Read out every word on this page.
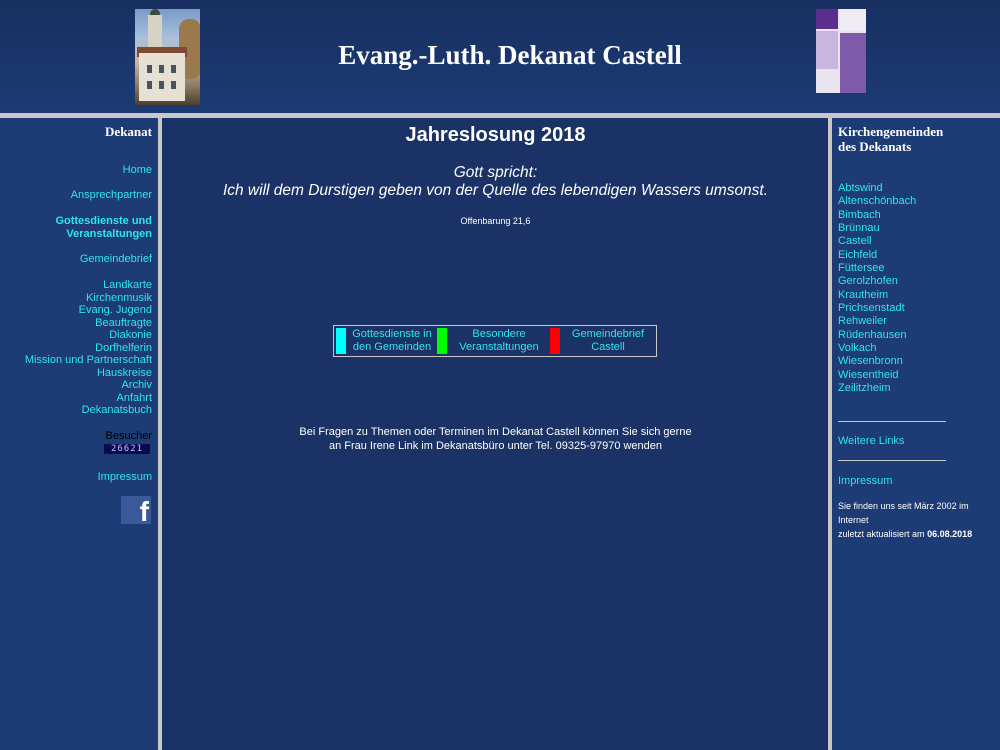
Evang.-Luth. Dekanat Castell
Dekanat
Home
Ansprechpartner
Gottesdienste und
Veranstaltungen
Gemeindebrief
Landkarte
Kirchenmusik
Evang. Jugend
Beauftragte
Diakonie
Dorfhelferin
Mission und Partnerschaft
Hauskreise
Archiv
Anfahrt
Dekanatsbuch
Besucher
26621
Impressum
f
Jahreslosung 2018
Gott spricht:
Ich will dem Durstigen geben von der Quelle des lebendigen Wassers umsonst.
Offenbarung 21,6
Gottesdienste in
den Gemeinden
Besondere
Veranstaltungen
Gemeindebrief
Castell
Bei Fragen zu Themen oder Terminen im Dekanat Castell können Sie sich gerne
an Frau Irene Link im Dekanatsbüro unter Tel. 09325-97970 wenden
Kirchengemeinden
des Dekanats
Abtswind
Altenschönbach
Bimbach
Brünnau
Castell
Eichfeld
Füttersee
Gerolzhofen
Krautheim
Prichsenstadt
Rehweiler
Rüdenhausen
Volkach
Wiesenbronn
Wiesentheid
Zeilitzheim
Weitere Links
Impressum
Sie finden uns seit März 2002 im Internet
zuletzt aktualisiert am 06.08.2018
